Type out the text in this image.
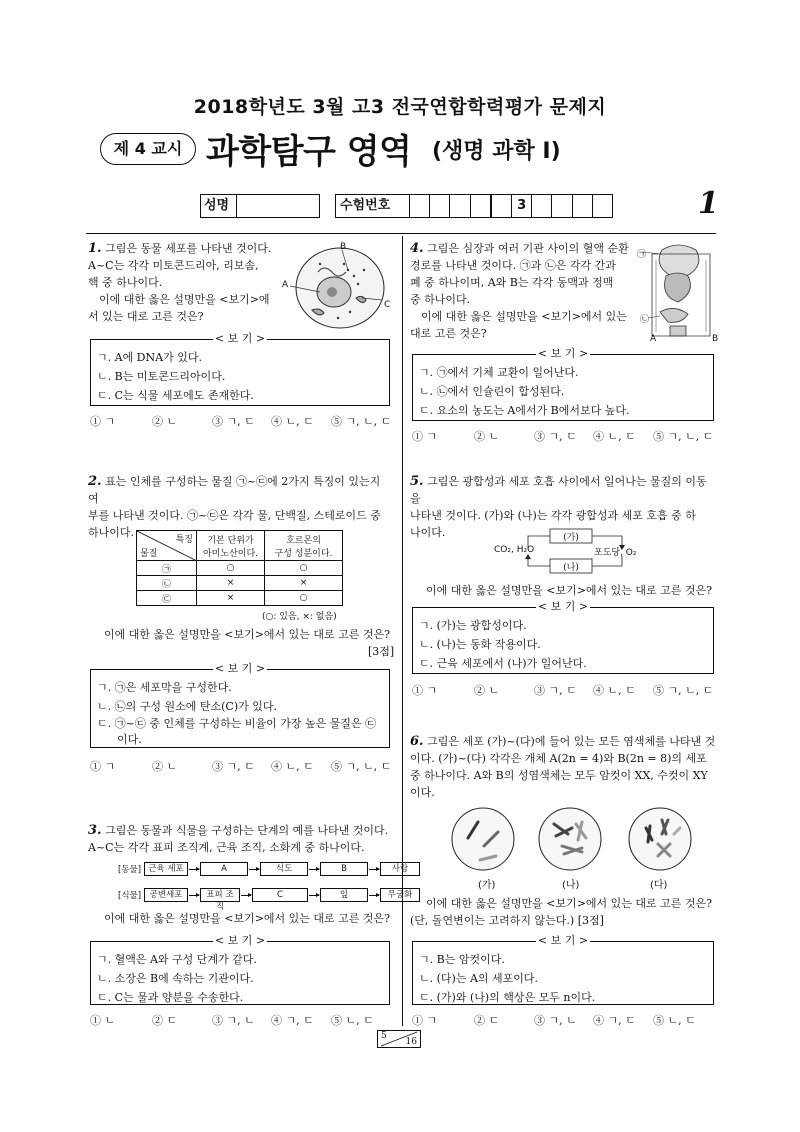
2018학년도 3월 고3 전국연합학력평가 문제지
제 4 교시 과학탐구 영역 (생명 과학 Ⅰ)
성명	수험번호	3	1
1. 그림은 동물 세포를 나타낸 것이다.
A~C는 각각 미토콘드리아, 리보솜,
핵 중 하나이다.
　이에 대한 옳은 설명만을 <보기>에
서 있는 대로 고른 것은?
A
B
C
< 보 기 >
ㄱ. A에 DNA가 있다.
ㄴ. B는 미토콘드리아이다.
ㄷ. C는 식물 세포에도 존재한다.
① ㄱ	② ㄴ	③ ㄱ, ㄷ	④ ㄴ, ㄷ	⑤ ㄱ, ㄴ, ㄷ
2. 표는 인체를 구성하는 물질 ㉠~㉢에 2가지 특징이 있는지 여
부를 나타낸 것이다. ㉠~㉢은 각각 물, 단백질, 스테로이드 중
하나이다.
특징
물질	기본 단위가
아미노산이다.	호르몬의
구성 성분이다.
㉠	○	○
㉡	×	×
㉢	×	○
(○: 있음, ×: 없음)
이에 대한 옳은 설명만을 <보기>에서 있는 대로 고른 것은?
[3점]
< 보 기 >
ㄱ. ㉠은 세포막을 구성한다.
ㄴ. ㉡의 구성 원소에 탄소(C)가 있다.
ㄷ. ㉠~㉢ 중 인체를 구성하는 비율이 가장 높은 물질은 ㉢
이다.
① ㄱ	② ㄴ	③ ㄱ, ㄷ	④ ㄴ, ㄷ	⑤ ㄱ, ㄴ, ㄷ
3. 그림은 동물과 식물을 구성하는 단계의 예를 나타낸 것이다.
A~C는 각각 표피 조직계, 근육 조직, 소화계 중 하나이다.
[동물] 근육 세포	A	식도	B	사람
[식물]	공변세포	표피 조직
C	잎	무궁화
이에 대한 옳은 설명만을 <보기>에서 있는 대로 고른 것은?
< 보 기 >
ㄱ. 혈액은 A와 구성 단계가 같다.
ㄴ. 소장은 B에 속하는 기관이다.
ㄷ. C는 물과 양분을 수송한다.
① ㄴ	② ㄷ	③ ㄱ, ㄴ	④ ㄱ, ㄷ	⑤ ㄴ, ㄷ
4. 그림은 심장과 여러 기관 사이의 혈액 순환
경로를 나타낸 것이다. ㉠과 ㉡은 각각 간과
폐 중 하나이며, A와 B는 각각 동맥과 정맥
중 하나이다.
　이에 대한 옳은 설명만을 <보기>에서 있는
대로 고른 것은?
㉠
㉡
A	B
< 보 기 >
ㄱ. ㉠에서 기체 교환이 일어난다.
ㄴ. ㉡에서 인슐린이 합성된다.
ㄷ. 요소의 농도는 A에서가 B에서보다 높다.
① ㄱ	② ㄴ	③ ㄱ, ㄷ	④ ㄴ, ㄷ	⑤ ㄱ, ㄴ, ㄷ
5. 그림은 광합성과 세포 호흡 사이에서 일어나는 물질의 이동을
나타낸 것이다. (가)와 (나)는 각각 광합성과 세포 호흡 중 하
나이다.	(가)
(나)
CO₂, H₂O	포도당, O₂
이에 대한 옳은 설명만을 <보기>에서 있는 대로 고른 것은?
< 보 기 >
ㄱ. (가)는 광합성이다.
ㄴ. (나)는 동화 작용이다.
ㄷ. 근육 세포에서 (나)가 일어난다.
① ㄱ	② ㄴ	③ ㄱ, ㄷ	④ ㄴ, ㄷ	⑤ ㄱ, ㄴ, ㄷ
6. 그림은 세포 (가)~(다)에 들어 있는 모든 염색체를 나타낸 것
이다. (가)~(다) 각각은 개체 A(2n = 4)와 B(2n = 8)의 세포
중 하나이다. A와 B의 성염색체는 모두 암컷이 XX, 수컷이 XY
이다.
(가)	(나)	(다)
이에 대한 옳은 설명만을 <보기>에서 있는 대로 고른 것은?
(단, 돌연변이는 고려하지 않는다.) [3점]
< 보 기 >
ㄱ. B는 암컷이다.
ㄴ. (다)는 A의 세포이다.
ㄷ. (가)와 (나)의 핵상은 모두 n이다.
① ㄱ	② ㄷ	③ ㄱ, ㄴ	④ ㄱ, ㄷ	⑤ ㄴ, ㄷ
5
16
